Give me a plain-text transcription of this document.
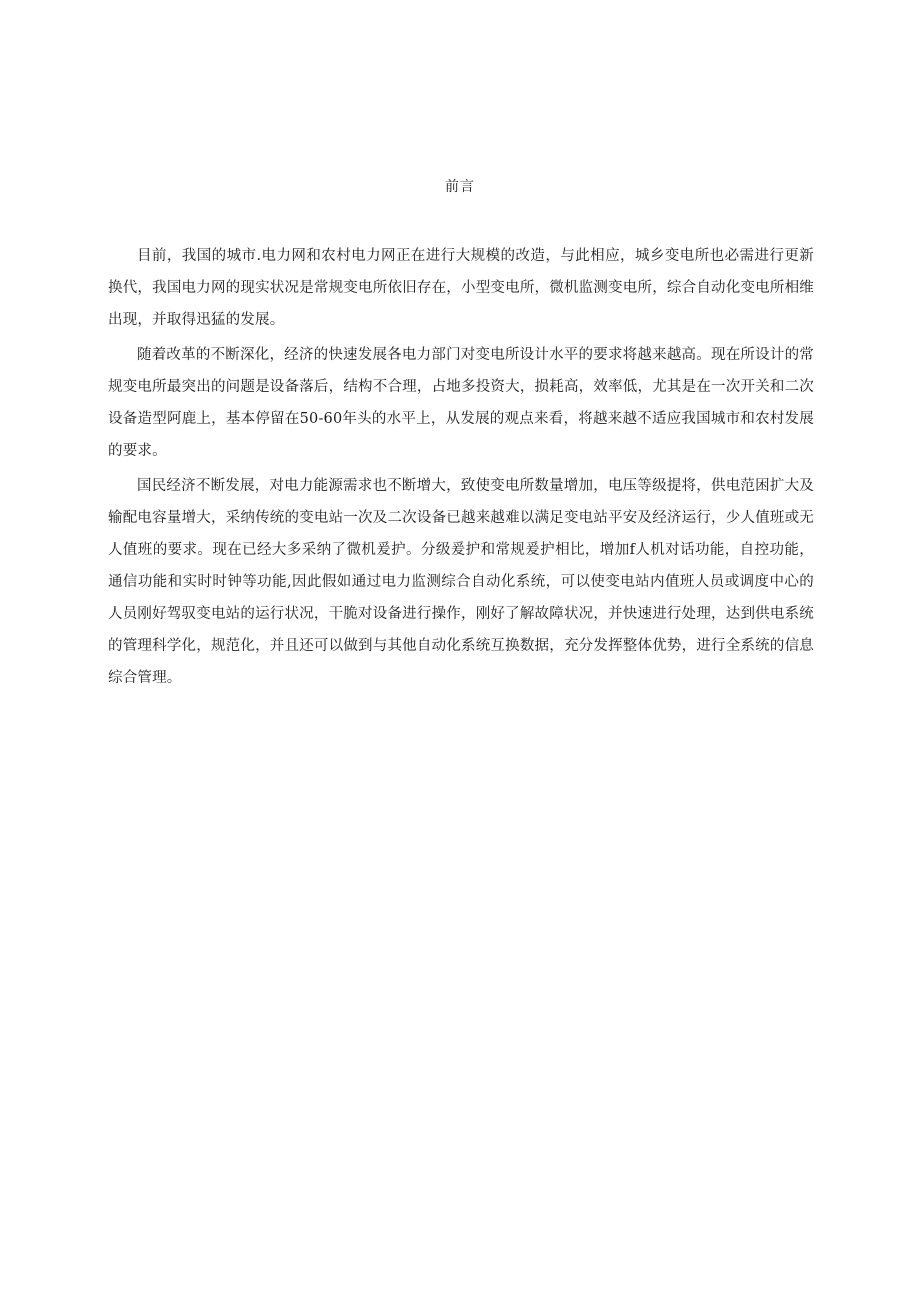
前言

目前，我国的城市.电力网和农村电力网正在进行大规模的改造，与此相应，城乡变电所也必需进行更新换代，我国电力网的现实状况是常规变电所依旧存在，小型变电所，微机监测变电所，综合自动化变电所相维出现，并取得迅猛的发展。

随着改革的不断深化，经济的快速发展各电力部门对变电所设计水平的要求将越来越高。现在所设计的常规变电所最突出的问题是设备落后，结构不合理，占地多投资大，损耗高，效率低，尤其是在一次开关和二次设备造型阿鹿上，基本停留在50-60年头的水平上，从发展的观点来看，将越来越不适应我国城市和农村发展的要求。

国民经济不断发展，对电力能源需求也不断增大，致使变电所数量增加，电压等级提将，供电范困扩大及输配电容量增大，采纳传统的变电站一次及二次设备已越来越难以满足变电站平安及经济运行，少人值班或无人值班的要求。现在已经大多采纳了微机爰护。分级爰护和常规爰护相比，增加f人机对话功能，自控功能，通信功能和实时时钟等功能,因此假如通过电力监测综合自动化系统，可以使变电站内值班人员或调度中心的人员刚好驾驭变电站的运行状况，干脆对设备进行操作，刚好了解故障状况，并快速进行处理，达到供电系统的管理科学化，规范化，并且还可以做到与其他自动化系统互换数据，充分发挥整体优势，进行全系统的信息综合管理。
